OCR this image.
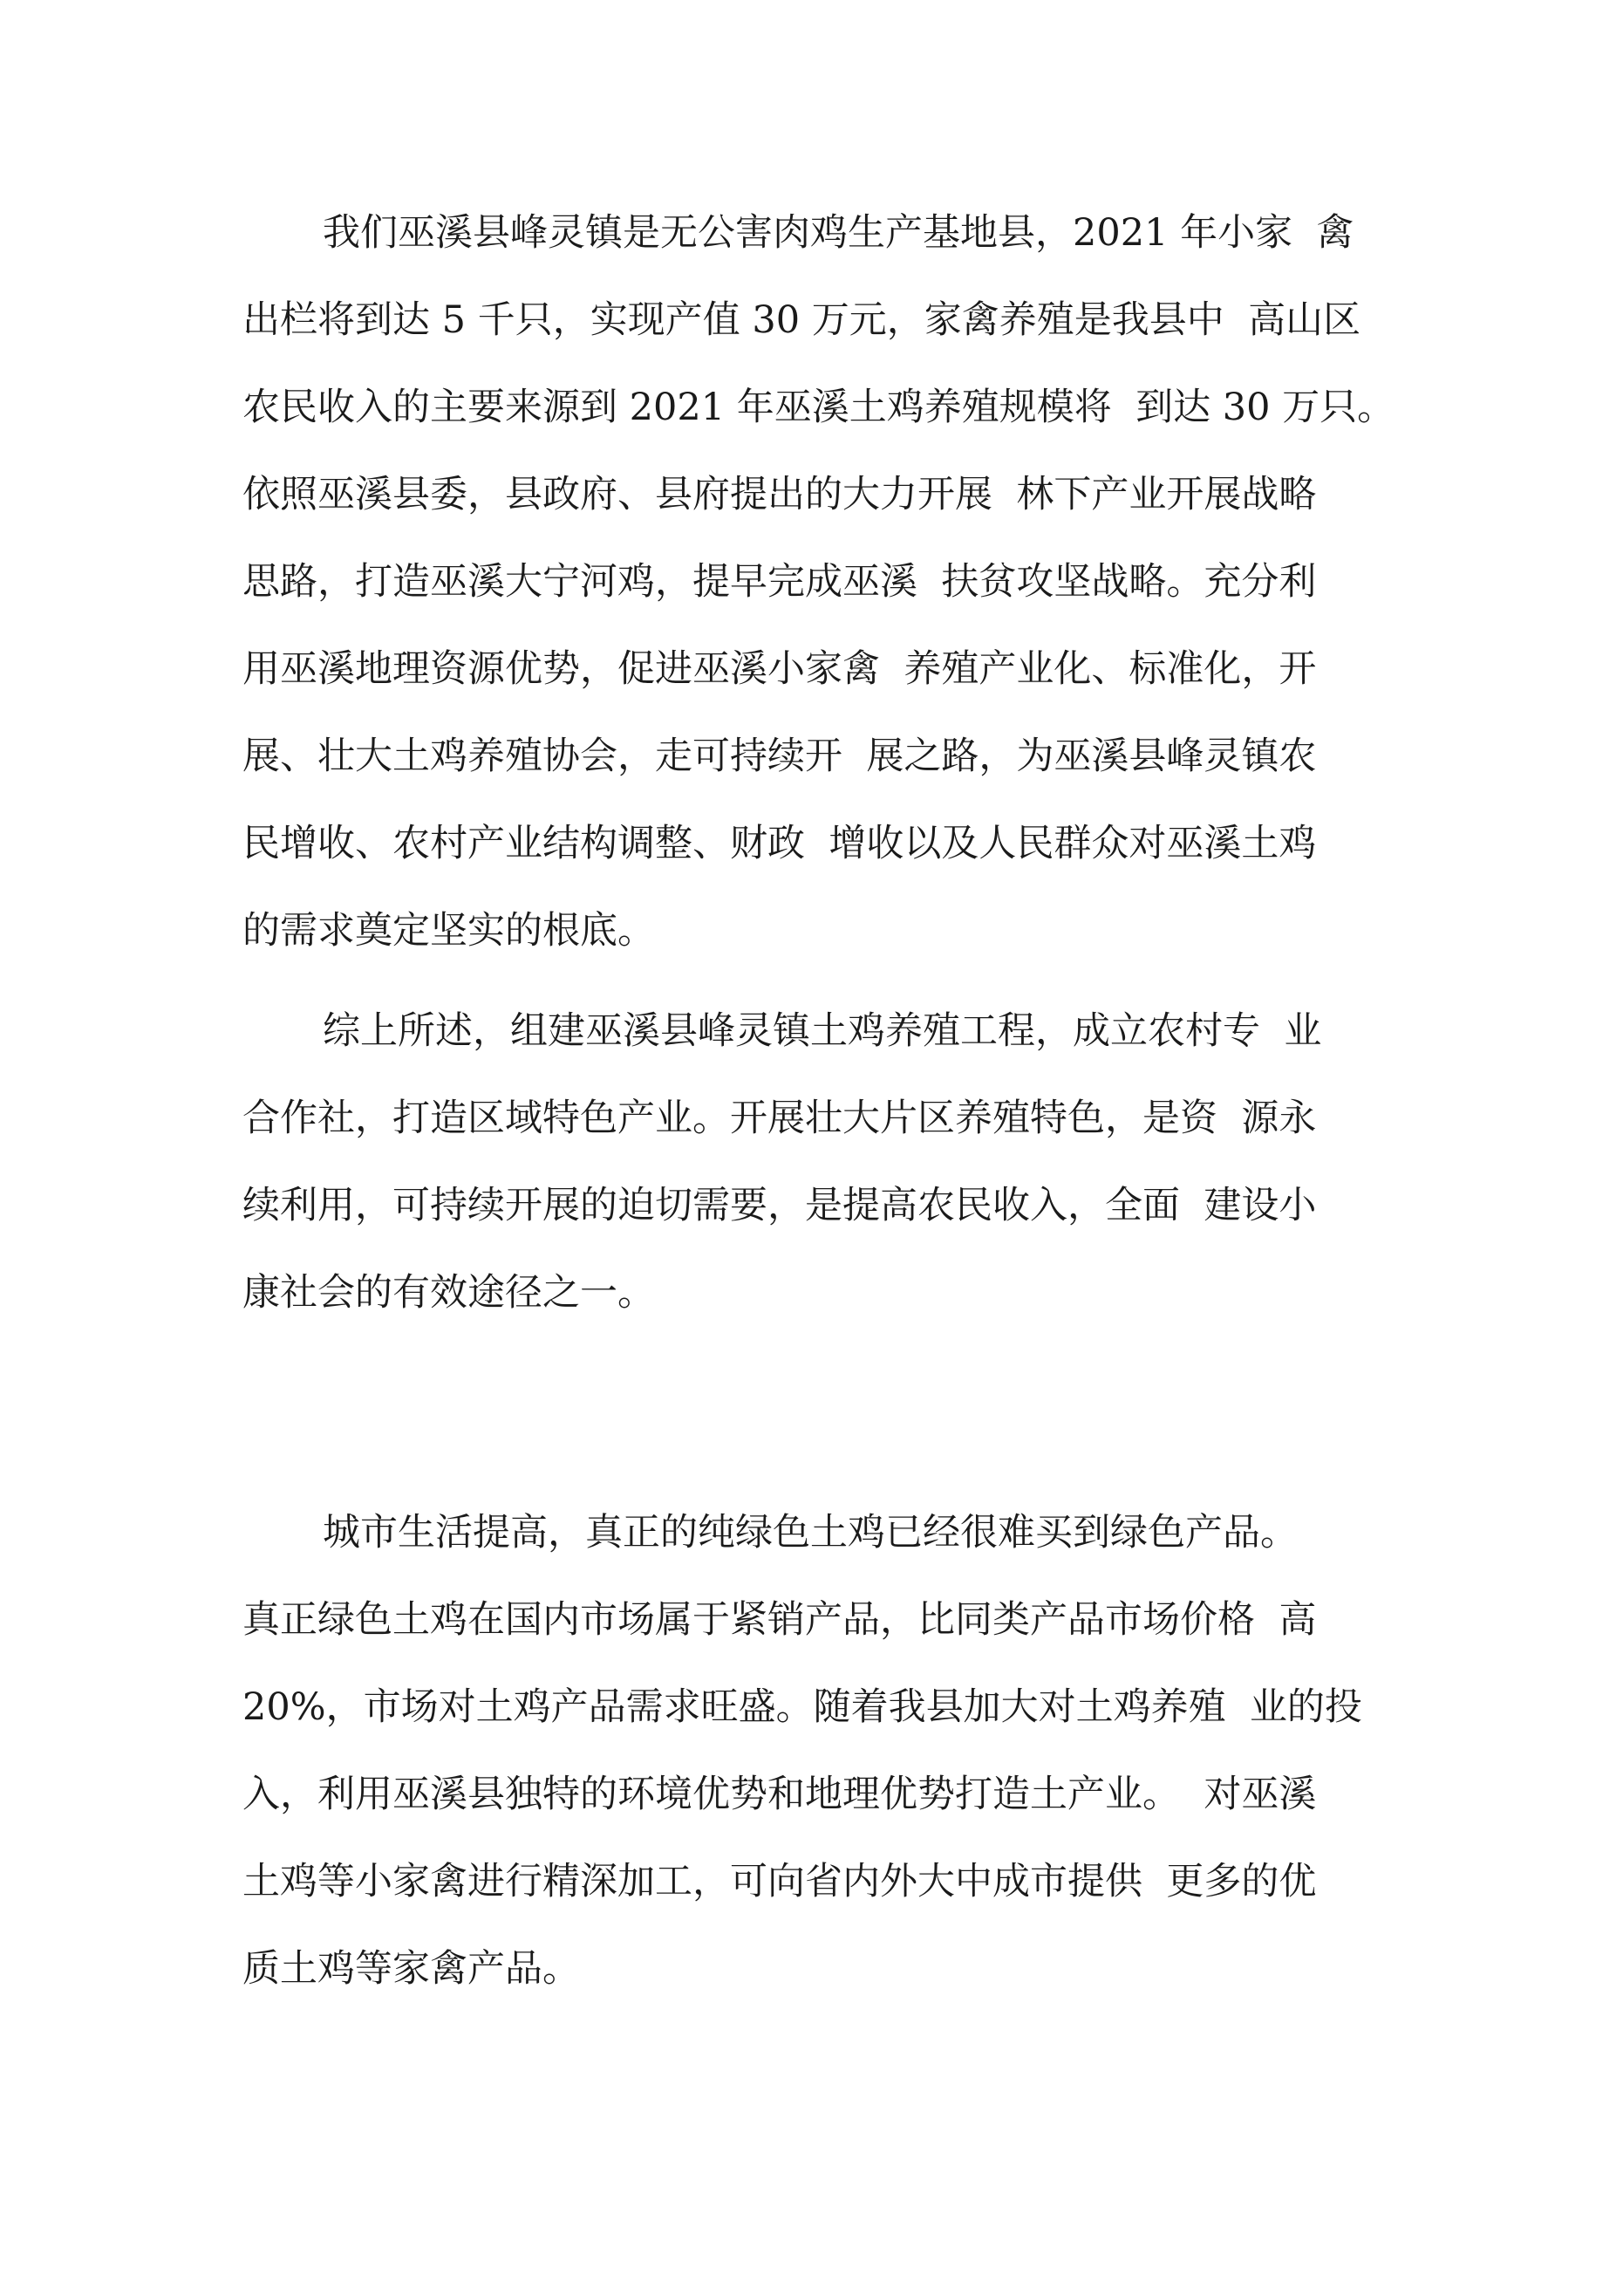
我们巫溪县峰灵镇是无公害肉鸡生产基地县，2021 年小家  禽
出栏将到达 5 千只，实现产值 30 万元，家禽养殖是我县中  高山区
农民收入的主要来源到 2021 年巫溪土鸡养殖规模将  到达 30 万只。
依照巫溪县委，县政府、县府提出的大力开展  林下产业开展战略
思路，打造巫溪大宁河鸡，提早完成巫溪  扶贫攻坚战略。充分利
用巫溪地理资源优势，促进巫溪小家禽  养殖产业化、标准化，开
展、壮大土鸡养殖协会，走可持续开  展之路，为巫溪县峰灵镇农
民增收、农村产业结构调整、财政  增收以及人民群众对巫溪土鸡
的需求奠定坚实的根底。
综上所述，组建巫溪县峰灵镇土鸡养殖工程，成立农村专  业
合作社，打造区域特色产业。开展壮大片区养殖特色，是资  源永
续利用，可持续开展的迫切需要，是提高农民收入，全面  建设小
康社会的有效途径之一。
城市生活提高，真正的纯绿色土鸡已经很难买到绿色产品。
真正绿色土鸡在国内市场属于紧销产品，比同类产品市场价格  高
20%，市场对土鸡产品需求旺盛。随着我县加大对土鸡养殖  业的投
入，利用巫溪县独特的环境优势和地理优势打造土产业。  对巫溪
土鸡等小家禽进行精深加工，可向省内外大中成市提供  更多的优
质土鸡等家禽产品。
